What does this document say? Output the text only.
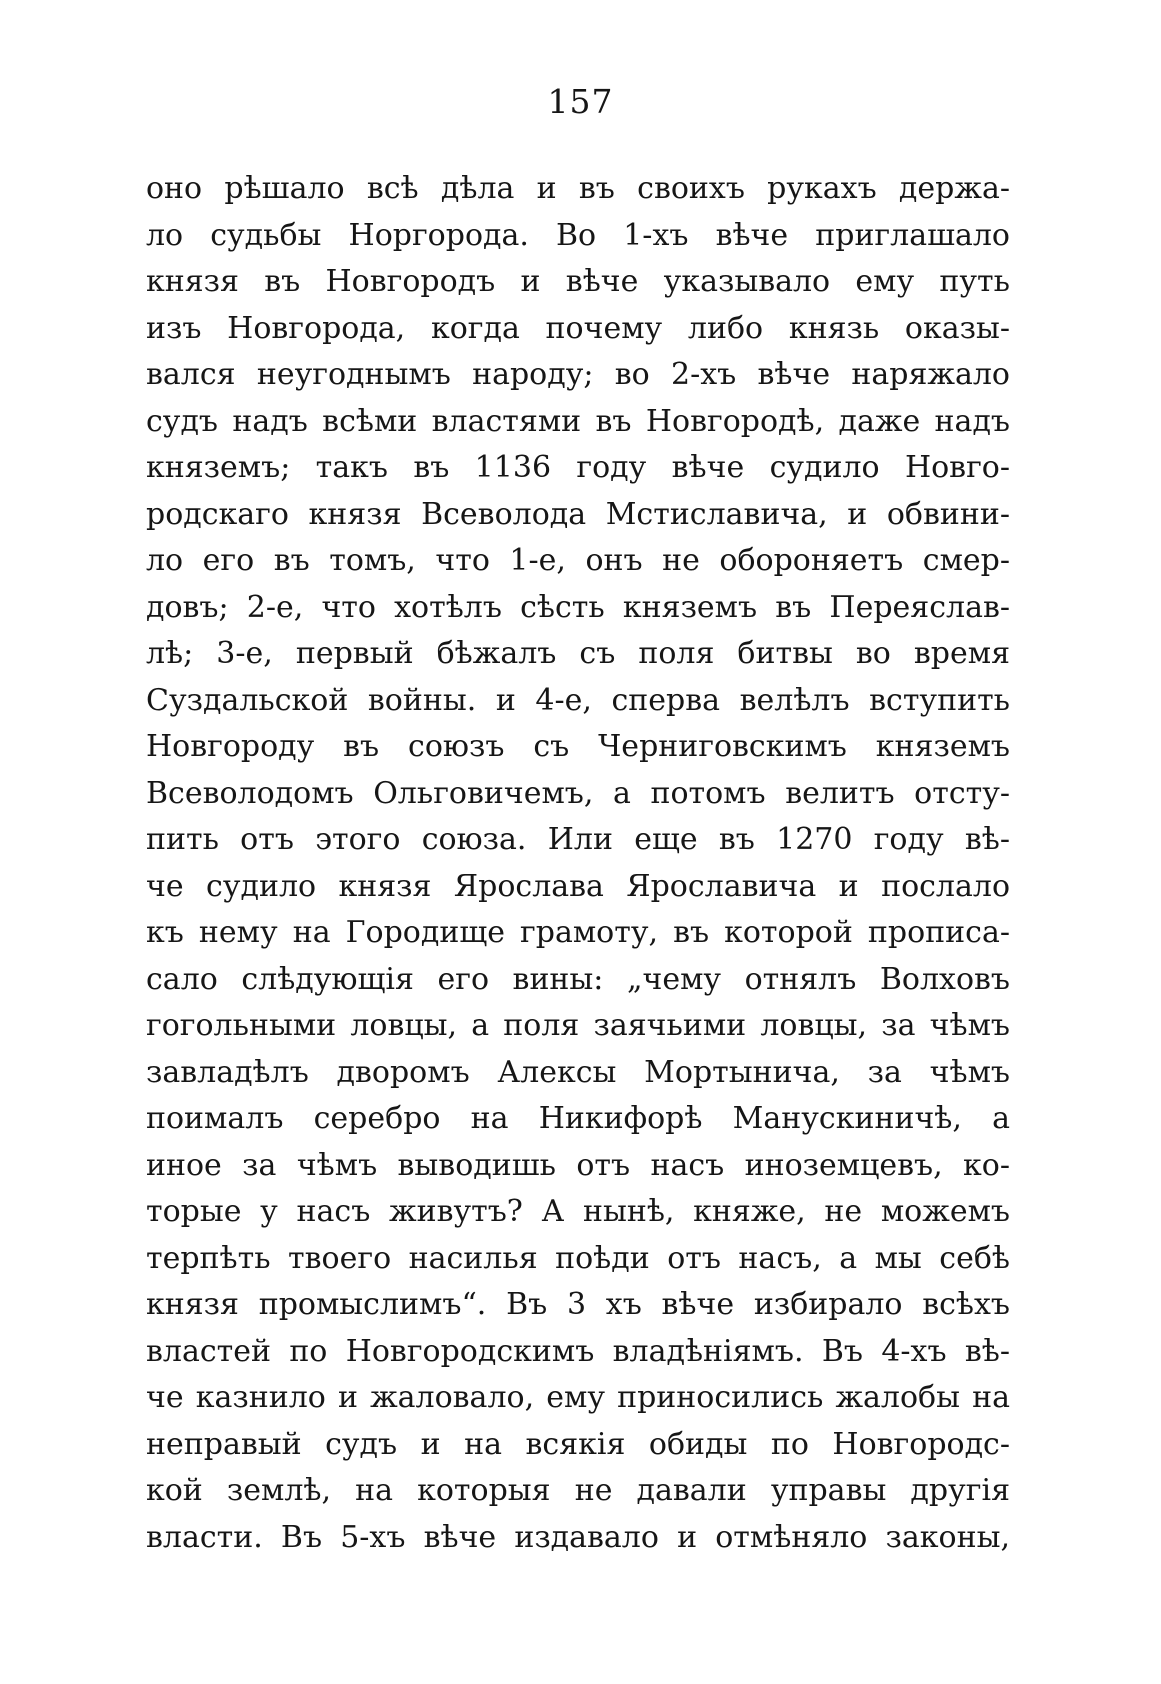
157
оно рѣшало всѣ дѣла и въ своихъ рукахъ держа-
ло судьбы Норгорода. Во 1-хъ вѣче приглашало
князя въ Новгородъ и вѣче указывало ему путь
изъ Новгорода, когда почему либо князь оказы-
вался неугоднымъ народу; во 2-хъ вѣче наряжало
судъ надъ всѣми властями въ Новгородѣ, даже надъ
княземъ; такъ въ 1136 году вѣче судило Новго-
родскаго князя Всеволода Мстиславича, и обвини-
ло его въ томъ, что 1-е, онъ не обороняетъ смер-
довъ; 2-е, что хотѣлъ сѣсть княземъ въ Переяслав-
лѣ; 3-е, первый бѣжалъ съ поля битвы во время
Суздальской войны. и 4-е, сперва велѣлъ вступить
Новгороду въ союзъ съ Черниговскимъ княземъ
Всеволодомъ Ольговичемъ, а потомъ велитъ отсту-
пить отъ этого союза. Или еще въ 1270 году вѣ-
че судило князя Ярослава Ярославича и послало
къ нему на Городище грамоту, въ которой прописа-
сало слѣдующія его вины: „чему отнялъ Волховъ
гогольными ловцы, а поля заячьими ловцы, за чѣмъ
завладѣлъ дворомъ Алексы Мортынича, за чѣмъ
поималъ серебро на Никифорѣ Манускиничѣ, а
иное за чѣмъ выводишь отъ насъ иноземцевъ, ко-
торые у насъ живутъ? А нынѣ, княже, не можемъ
терпѣть твоего насилья поѣди отъ насъ, а мы себѣ
князя промыслимъ“. Въ 3 хъ вѣче избирало всѣхъ
властей по Новгородскимъ владѣніямъ. Въ 4-хъ вѣ-
че казнило и жаловало, ему приносились жалобы на
неправый судъ и на всякія обиды по Новгородс-
кой землѣ, на которыя не давали управы другія
власти. Въ 5-хъ вѣче издавало и отмѣняло законы,
